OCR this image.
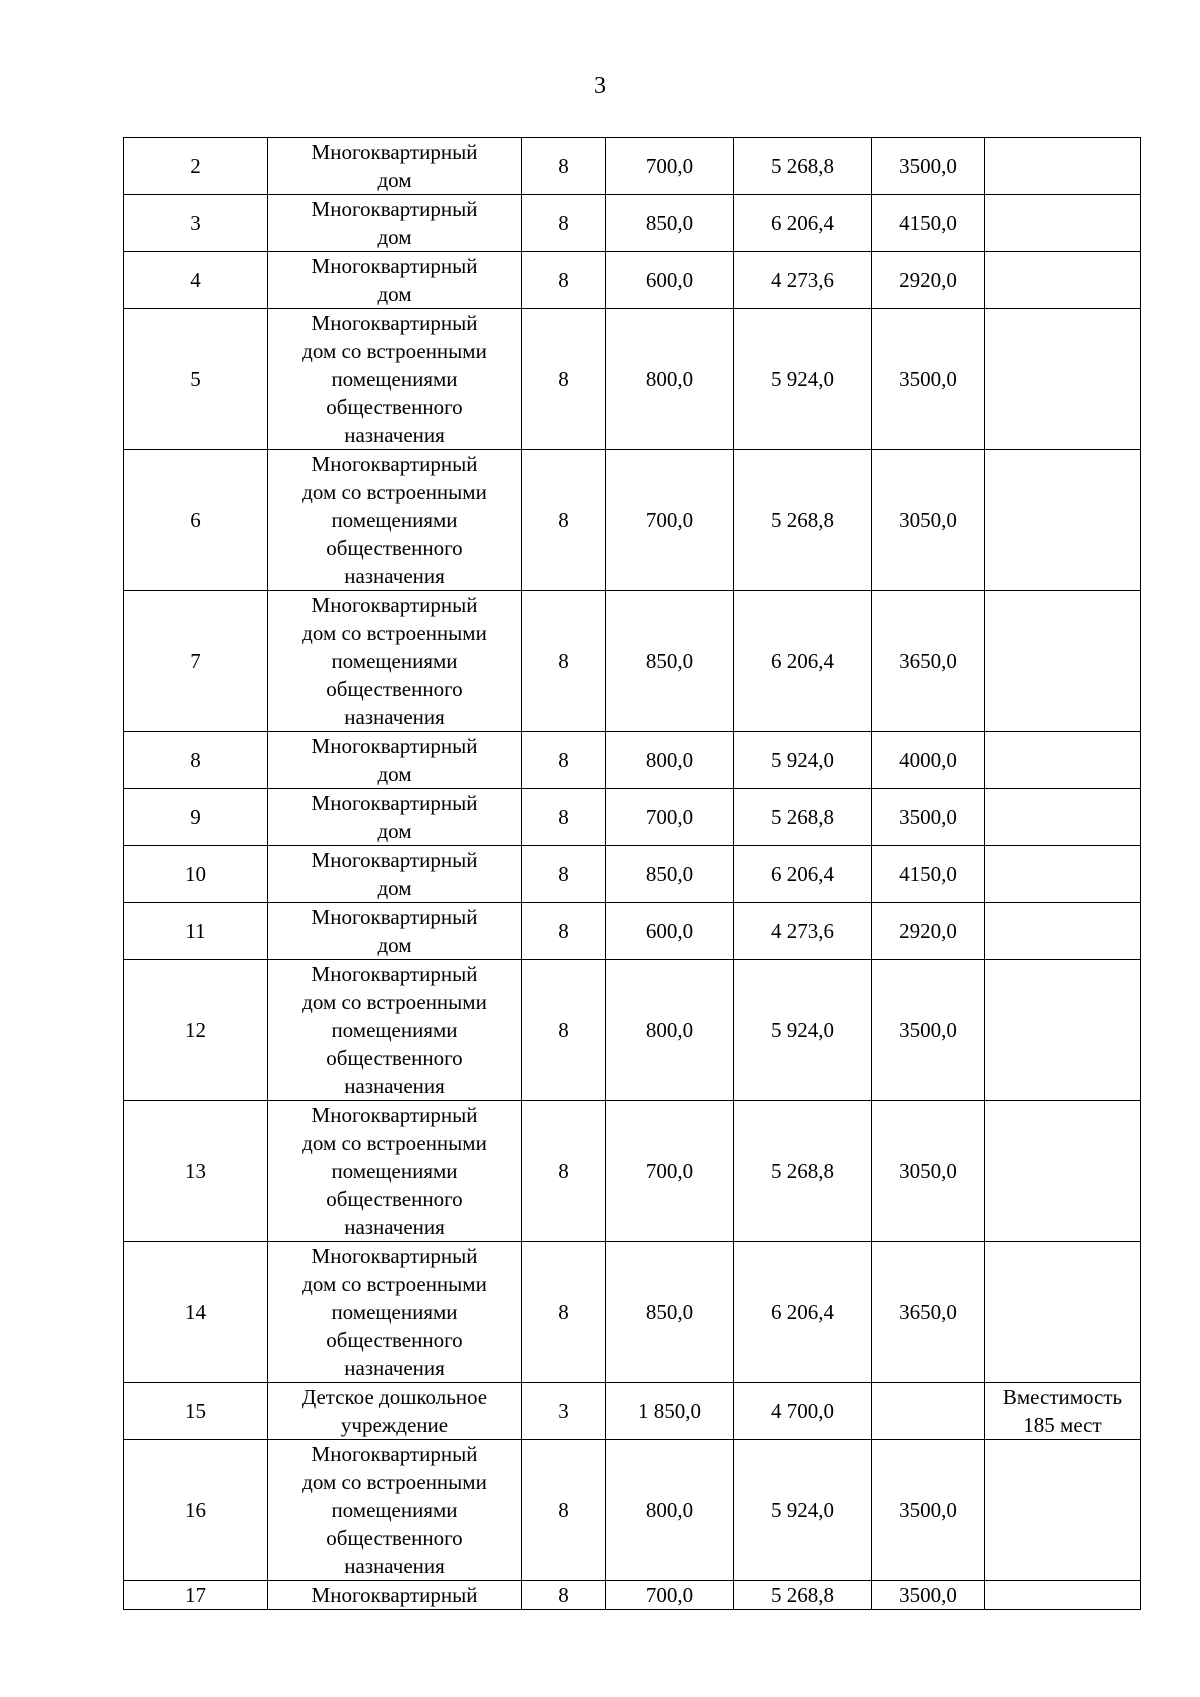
3
2	Многоквартирный
дом	8	700,0	5 268,8	3500,0	
3	Многоквартирный
дом	8	850,0	6 206,4	4150,0	
4	Многоквартирный
дом	8	600,0	4 273,6	2920,0	
5	Многоквартирный
дом со встроенными
помещениями
общественного
назначения	8	800,0	5 924,0	3500,0	
6	Многоквартирный
дом со встроенными
помещениями
общественного
назначения	8	700,0	5 268,8	3050,0	
7	Многоквартирный
дом со встроенными
помещениями
общественного
назначения	8	850,0	6 206,4	3650,0	
8	Многоквартирный
дом	8	800,0	5 924,0	4000,0	
9	Многоквартирный
дом	8	700,0	5 268,8	3500,0	
10	Многоквартирный
дом	8	850,0	6 206,4	4150,0	
11	Многоквартирный
дом	8	600,0	4 273,6	2920,0	
12	Многоквартирный
дом со встроенными
помещениями
общественного
назначения	8	800,0	5 924,0	3500,0	
13	Многоквартирный
дом со встроенными
помещениями
общественного
назначения	8	700,0	5 268,8	3050,0	
14	Многоквартирный
дом со встроенными
помещениями
общественного
назначения	8	850,0	6 206,4	3650,0	
15	Детское дошкольное
учреждение	3	1 850,0	4 700,0		Вместимость
185 мест
16	Многоквартирный
дом со встроенными
помещениями
общественного
назначения	8	800,0	5 924,0	3500,0	
17	Многоквартирный	8	700,0	5 268,8	3500,0	
